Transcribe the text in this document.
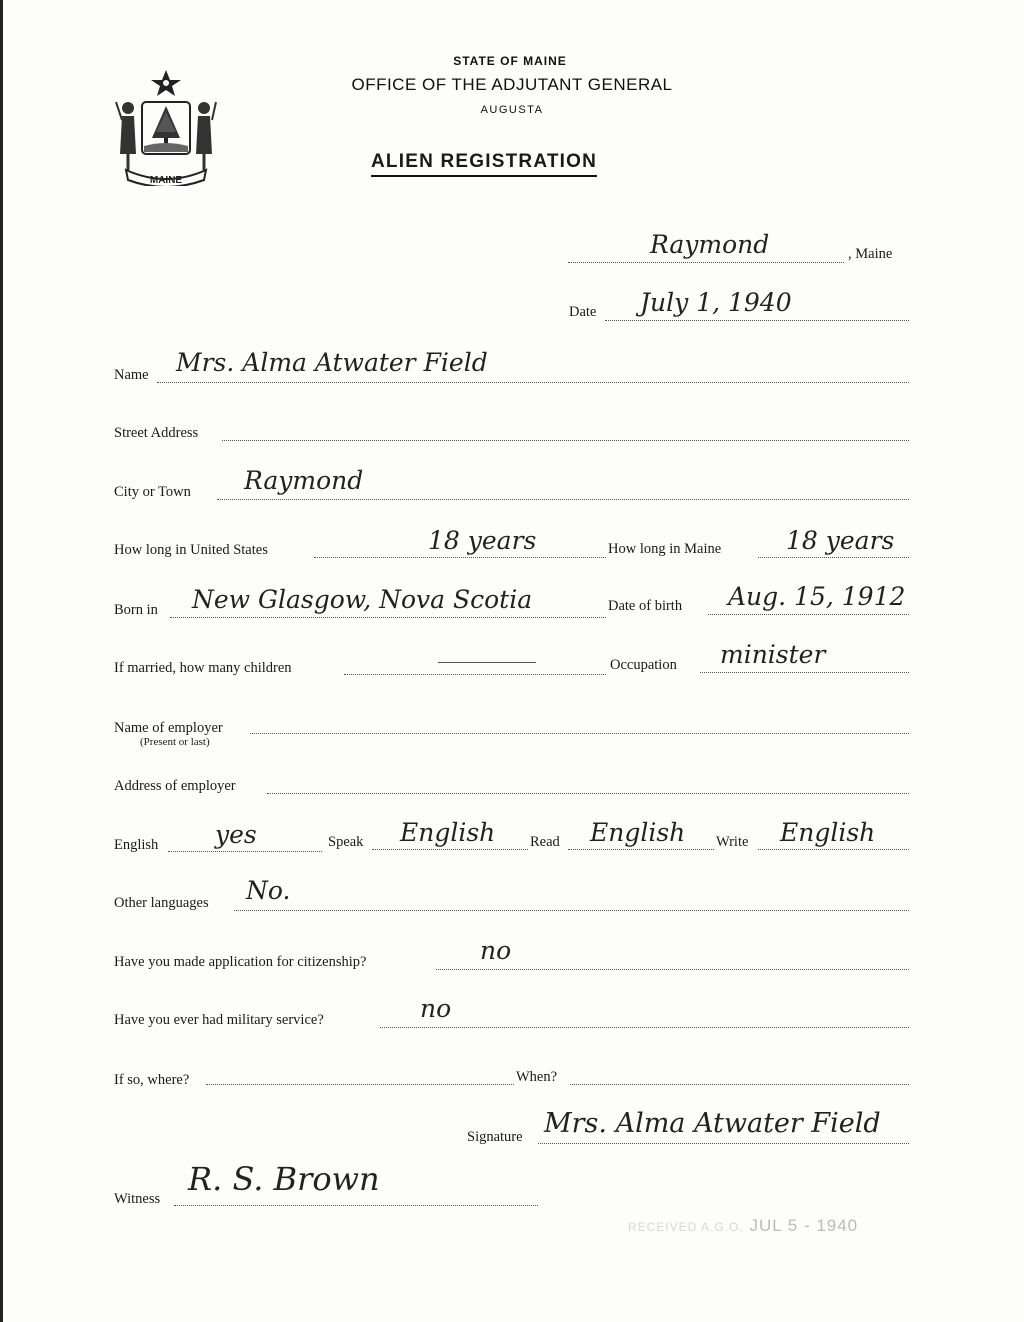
MAINE
STATE OF MAINE
OFFICE OF THE ADJUTANT GENERAL
AUGUSTA
ALIEN REGISTRATION
Raymond	, Maine
Date July 1, 1940
Name Mrs. Alma Atwater Field
Street Address
City or Town Raymond
How long in United States	18 years	How long in Maine	18 years
Born in New Glasgow, Nova Scotia	Date of birth Aug. 15, 1912
If married, how many children	Occupation minister
Name of employer
(Present or last)
Address of employer
English yes	Speak English Read English Write English
Other languages No.
Have you made application for citizenship?	no
Have you ever had military service?	no
If so, where?	When?
Signature Mrs. Alma Atwater Field
Witness
R. S. Brown
RECEIVED A.G.O. JUL 5 - 1940
